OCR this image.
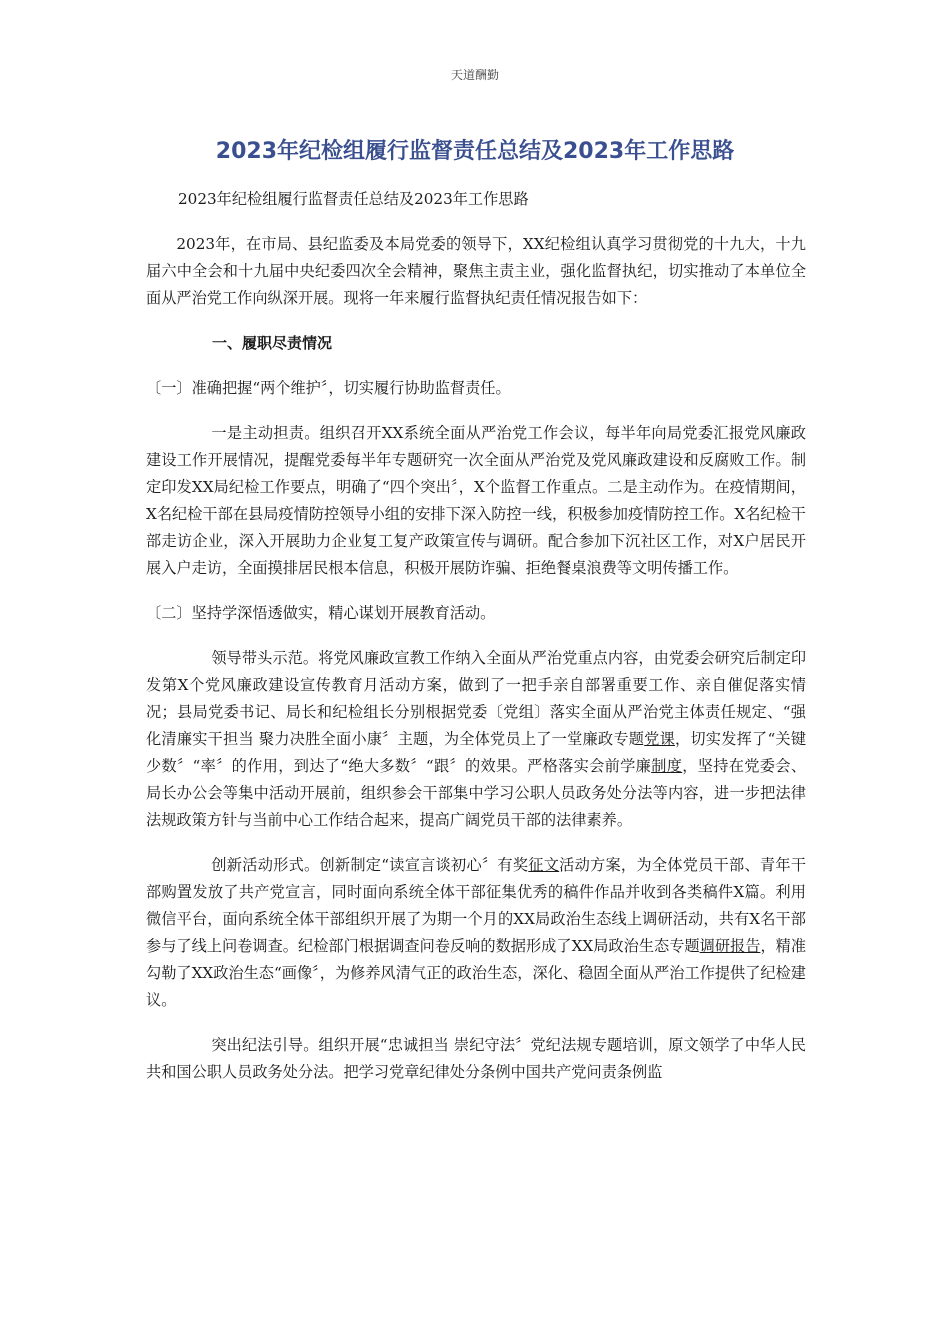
天道酬勤
2023年纪检组履行监督责任总结及2023年工作思路

2023年纪检组履行监督责任总结及2023年工作思路

2023年，在市局、县纪监委及本局党委的领导下，XX纪检组认真学习贯彻党的十九大，十九届六中全会和十九届中央纪委四次全会精神，聚焦主责主业，强化监督执纪，切实推动了本单位全面从严治党工作向纵深开展。现将一年来履行监督执纪责任情况报告如下：

一、履职尽责情况

〔一〕准确把握“两个维护〞，切实履行协助监督责任。

一是主动担责。组织召开XX系统全面从严治党工作会议，每半年向局党委汇报党风廉政建设工作开展情况，提醒党委每半年专题研究一次全面从严治党及党风廉政建设和反腐败工作。制定印发XX局纪检工作要点，明确了“四个突出〞，X个监督工作重点。二是主动作为。在疫情期间，X名纪检干部在县局疫情防控领导小组的安排下深入防控一线，积极参加疫情防控工作。X名纪检干部走访企业，深入开展助力企业复工复产政策宣传与调研。配合参加下沉社区工作，对X户居民开展入户走访，全面摸排居民根本信息，积极开展防诈骗、拒绝餐桌浪费等文明传播工作。

〔二〕坚持学深悟透做实，精心谋划开展教育活动。

领导带头示范。将党风廉政宣教工作纳入全面从严治党重点内容，由党委会研究后制定印发第X个党风廉政建设宣传教育月活动方案，做到了一把手亲自部署重要工作、亲自催促落实情况；县局党委书记、局长和纪检组长分别根据党委〔党组〕落实全面从严治党主体责任规定、“强化清廉实干担当 聚力决胜全面小康〞主题，为全体党员上了一堂廉政专题党课，切实发挥了“关键少数〞“率〞的作用，到达了“绝大多数〞“跟〞的效果。严格落实会前学廉制度，坚持在党委会、局长办公会等集中活动开展前，组织参会干部集中学习公职人员政务处分法等内容，进一步把法律法规政策方针与当前中心工作结合起来，提高广阔党员干部的法律素养。

创新活动形式。创新制定“读宣言谈初心〞有奖征文活动方案，为全体党员干部、青年干部购置发放了共产党宣言，同时面向系统全体干部征集优秀的稿件作品并收到各类稿件X篇。利用微信平台，面向系统全体干部组织开展了为期一个月的XX局政治生态线上调研活动，共有X名干部参与了线上问卷调查。纪检部门根据调查问卷反响的数据形成了XX局政治生态专题调研报告，精准勾勒了XX政治生态“画像〞，为修养风清气正的政治生态，深化、稳固全面从严治工作提供了纪检建议。

突出纪法引导。组织开展“忠诚担当 崇纪守法〞党纪法规专题培训，原文领学了中华人民共和国公职人员政务处分法。把学习党章纪律处分条例中国共产党问责条例监
